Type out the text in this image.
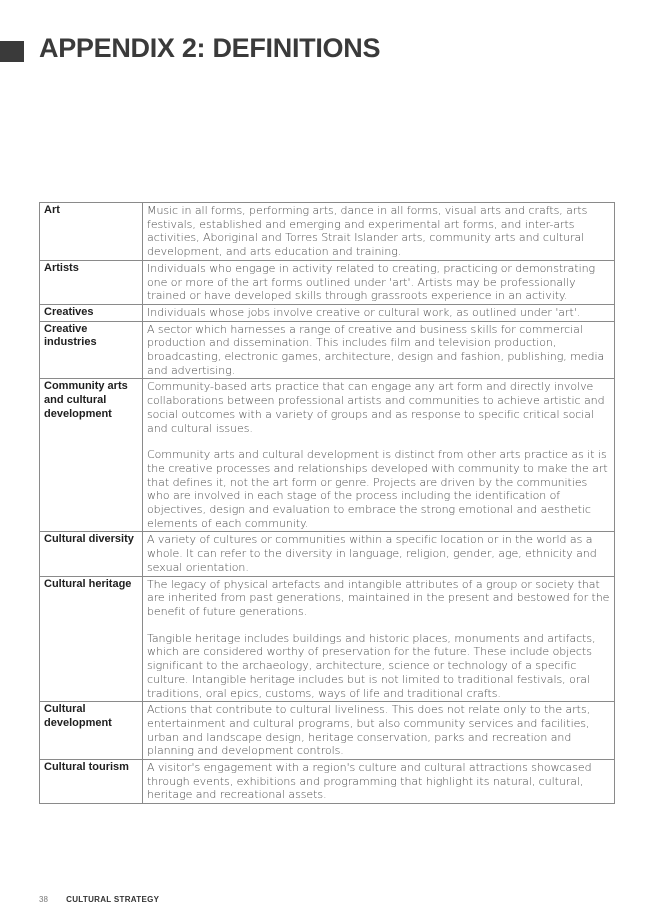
APPENDIX 2: DEFINITIONS
Art	Music in all forms, performing arts, dance in all forms, visual arts and crafts, arts festivals, established and emerging and experimental art forms, and inter-arts activities, Aboriginal and Torres Strait Islander arts, community arts and cultural development, and arts education and training.

Artists	Individuals who engage in activity related to creating, practicing or demonstrating one or more of the art forms outlined under 'art'. Artists may be professionally trained or have developed skills through grassroots experience in an activity.

Creatives	Individuals whose jobs involve creative or cultural work, as outlined under 'art'.

Creative industries	A sector which harnesses a range of creative and business skills for commercial production and dissemination. This includes film and television production, broadcasting, electronic games, architecture, design and fashion, publishing, media and advertising.

Community arts and cultural development	Community-based arts practice that can engage any art form and directly involve collaborations between professional artists and communities to achieve artistic and social outcomes with a variety of groups and as response to specific critical social and cultural issues.

Community arts and cultural development is distinct from other arts practice as it is the creative processes and relationships developed with community to make the art that defines it, not the art form or genre. Projects are driven by the communities who are involved in each stage of the process including the identification of objectives, design and evaluation to embrace the strong emotional and aesthetic elements of each community.

Cultural diversity	A variety of cultures or communities within a specific location or in the world as a whole. It can refer to the diversity in language, religion, gender, age, ethnicity and sexual orientation.

Cultural heritage	The legacy of physical artefacts and intangible attributes of a group or society that are inherited from past generations, maintained in the present and bestowed for the benefit of future generations.

Tangible heritage includes buildings and historic places, monuments and artifacts, which are considered worthy of preservation for the future. These include objects significant to the archaeology, architecture, science or technology of a specific culture. Intangible heritage includes but is not limited to traditional festivals, oral traditions, oral epics, customs, ways of life and traditional crafts.

Cultural development	Actions that contribute to cultural liveliness. This does not relate only to the arts, entertainment and cultural programs, but also community services and facilities, urban and landscape design, heritage conservation, parks and recreation and planning and development controls.

Cultural tourism	A visitor's engagement with a region's culture and cultural attractions showcased through events, exhibitions and programming that highlight its natural, cultural, heritage and recreational assets.

38 CULTURAL STRATEGY
